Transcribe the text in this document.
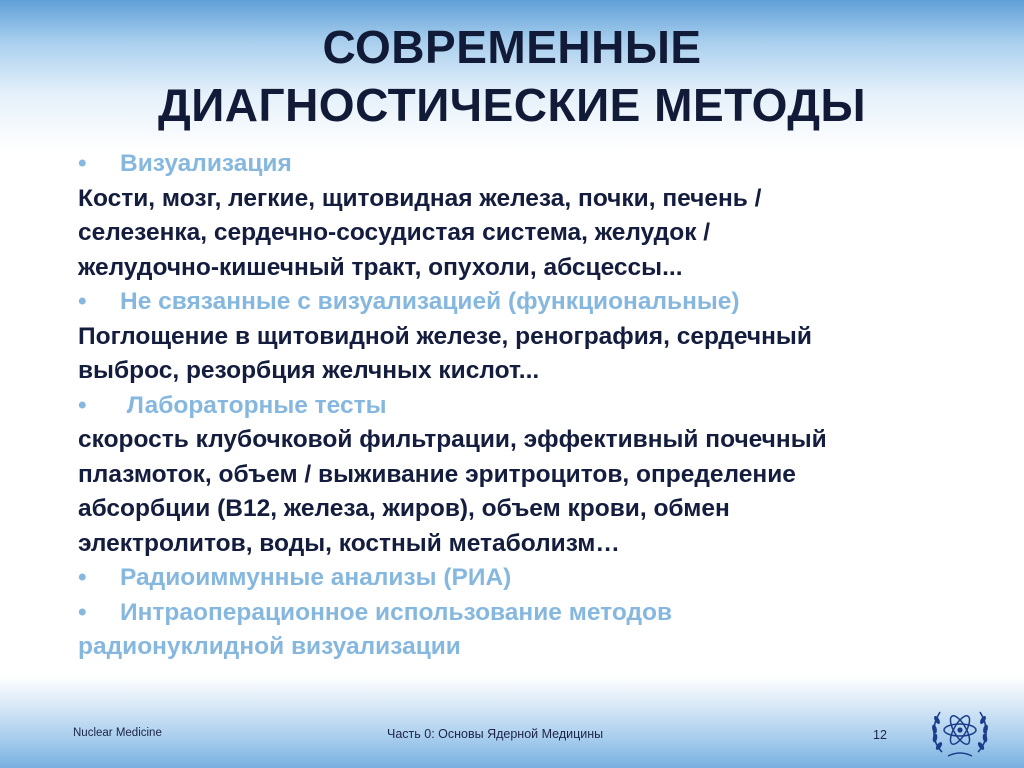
СОВРЕМЕННЫЕ
ДИАГНОСТИЧЕСКИЕ МЕТОДЫ
• Визуализация
Кости, мозг, легкие, щитовидная железа, почки, печень /
селезенка, сердечно-сосудистая система, желудок /
желудочно-кишечный тракт, опухоли, абсцессы...
• Не связанные с визуализацией (функциональные)
Поглощение в щитовидной железе, ренография, сердечный
выброс, резорбция желчных кислот...
• Лабораторные тесты
скорость клубочковой фильтрации, эффективный почечный
плазмоток, объем / выживание эритроцитов, определение
абсорбции (B12, железа, жиров), объем крови, обмен
электролитов, воды, костный метаболизм…
• Радиоиммунные анализы (РИА)
• Интраоперационное использование методов
радионуклидной визуализации
Nuclear Medicine	Часть 0: Основы Ядерной Медицины	12
